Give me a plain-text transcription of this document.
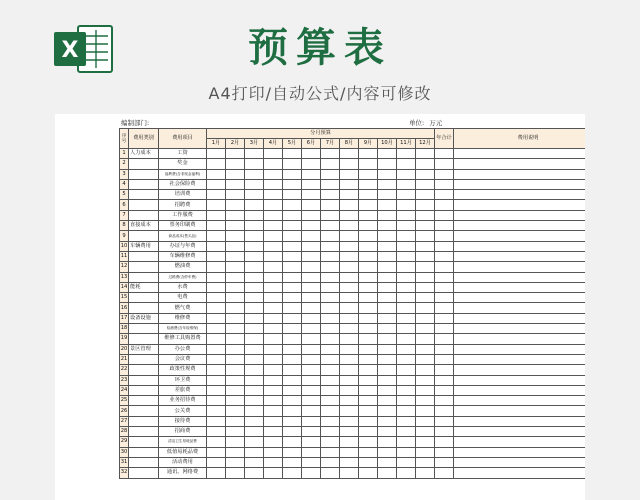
X	预算表
A4打印/自动公式/内容可修改
编制部门:	单位: 万元
序号	费用类别	费用项目	分月预算												年合计	费用说明
			1月	2月	3月	4月	5月	6月	7月	8月	9月	10月	11月	12月		
1	人力成本	工资														
2		奖金														
3		福利费(含非现金福利)														
4		社会保险费														
5		培训费														
6		招聘费														
7		工作服费														
8	直接成本	票务印刷费														
9		商品成本(售买品)														
10	车辆费用	办证与年费														
11		车辆维修费														
12		燃油费														
13		过路费(含停车费)														
14	能耗	水费														
15		电费														
16		燃气费														
17	设备设施	维修费														
18		检测费(含年检维保)														
19		维修工具购置费														
20	景区管理	办公费														
21		会议费														
22		政策性规费														
23		环卫费														
24		差旅费														
25		业务招待费														
26		公关费														
27		接待费														
28		招商费														
29		清洁卫生易耗品费														
30		低值易耗品费														
31		活动费用														
32		通讯、网络费														
